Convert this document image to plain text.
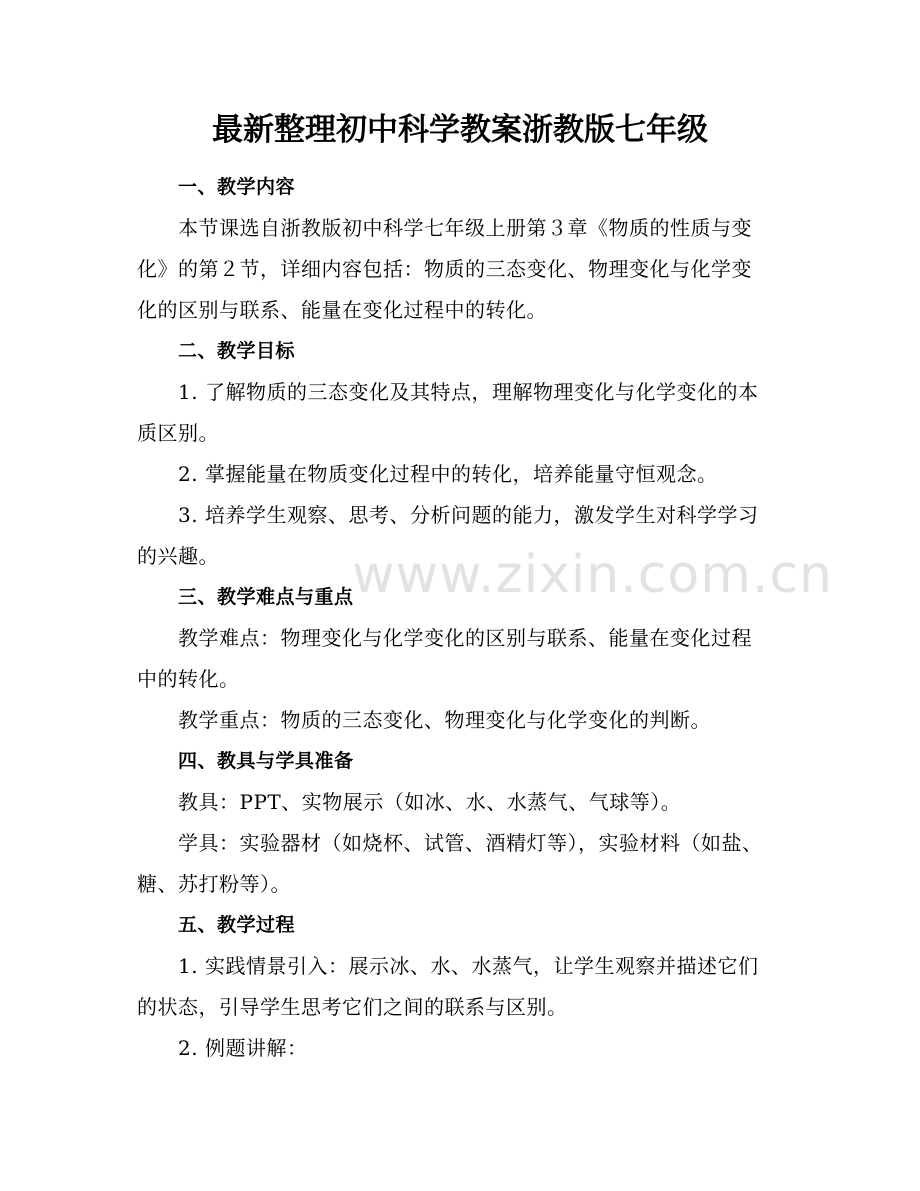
www.zixin.com.cn
最新整理初中科学教案浙教版七年级
一、教学内容
本节课选自浙教版初中科学七年级上册第３章《物质的性质与变
化》的第２节，详细内容包括：物质的三态变化、物理变化与化学变
化的区别与联系、能量在变化过程中的转化。
二、教学目标
1. 了解物质的三态变化及其特点，理解物理变化与化学变化的本
质区别。
2. 掌握能量在物质变化过程中的转化，培养能量守恒观念。
3. 培养学生观察、思考、分析问题的能力，激发学生对科学学习
的兴趣。
三、教学难点与重点
教学难点：物理变化与化学变化的区别与联系、能量在变化过程
中的转化。
教学重点：物质的三态变化、物理变化与化学变化的判断。
四、教具与学具准备
教具：PPT、实物展示（如冰、水、水蒸气、气球等）。
学具：实验器材（如烧杯、试管、酒精灯等），实验材料（如盐、
糖、苏打粉等）。
五、教学过程
1. 实践情景引入：展示冰、水、水蒸气，让学生观察并描述它们
的状态，引导学生思考它们之间的联系与区别。
2. 例题讲解：
